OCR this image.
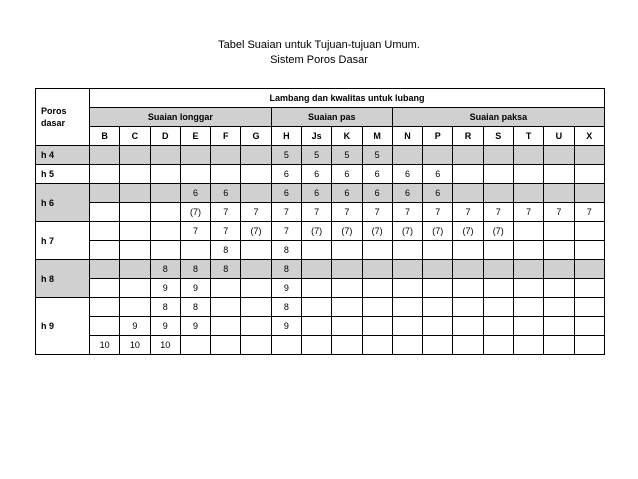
Tabel Suaian untuk Tujuan-tujuan Umum.
Sistem Poros Dasar
Poros
dasar	Lambang dan kwalitas untuk lubang																
	Suaian longgar						Suaian pas				Suaian paksa						
	B	C	D	E	F	G	H	Js	K	M	N	P	R	S	T	U	X
h 4							5	5	5	5							
h 5							6	6	6	6	6	6					
h 6				6	6		6	6	6	6	6	6					
				(7)	7	7	7	7	7	7	7	7	7	7	7	7	7
h 7				7	7	(7)	7	(7)	(7)	(7)	(7)	(7)	(7)	(7)			
					8		8										
h 8			8	8	8		8										
			9	9			9										
h 9			8	8			8										
		9	9	9			9										
	10	10	10														
